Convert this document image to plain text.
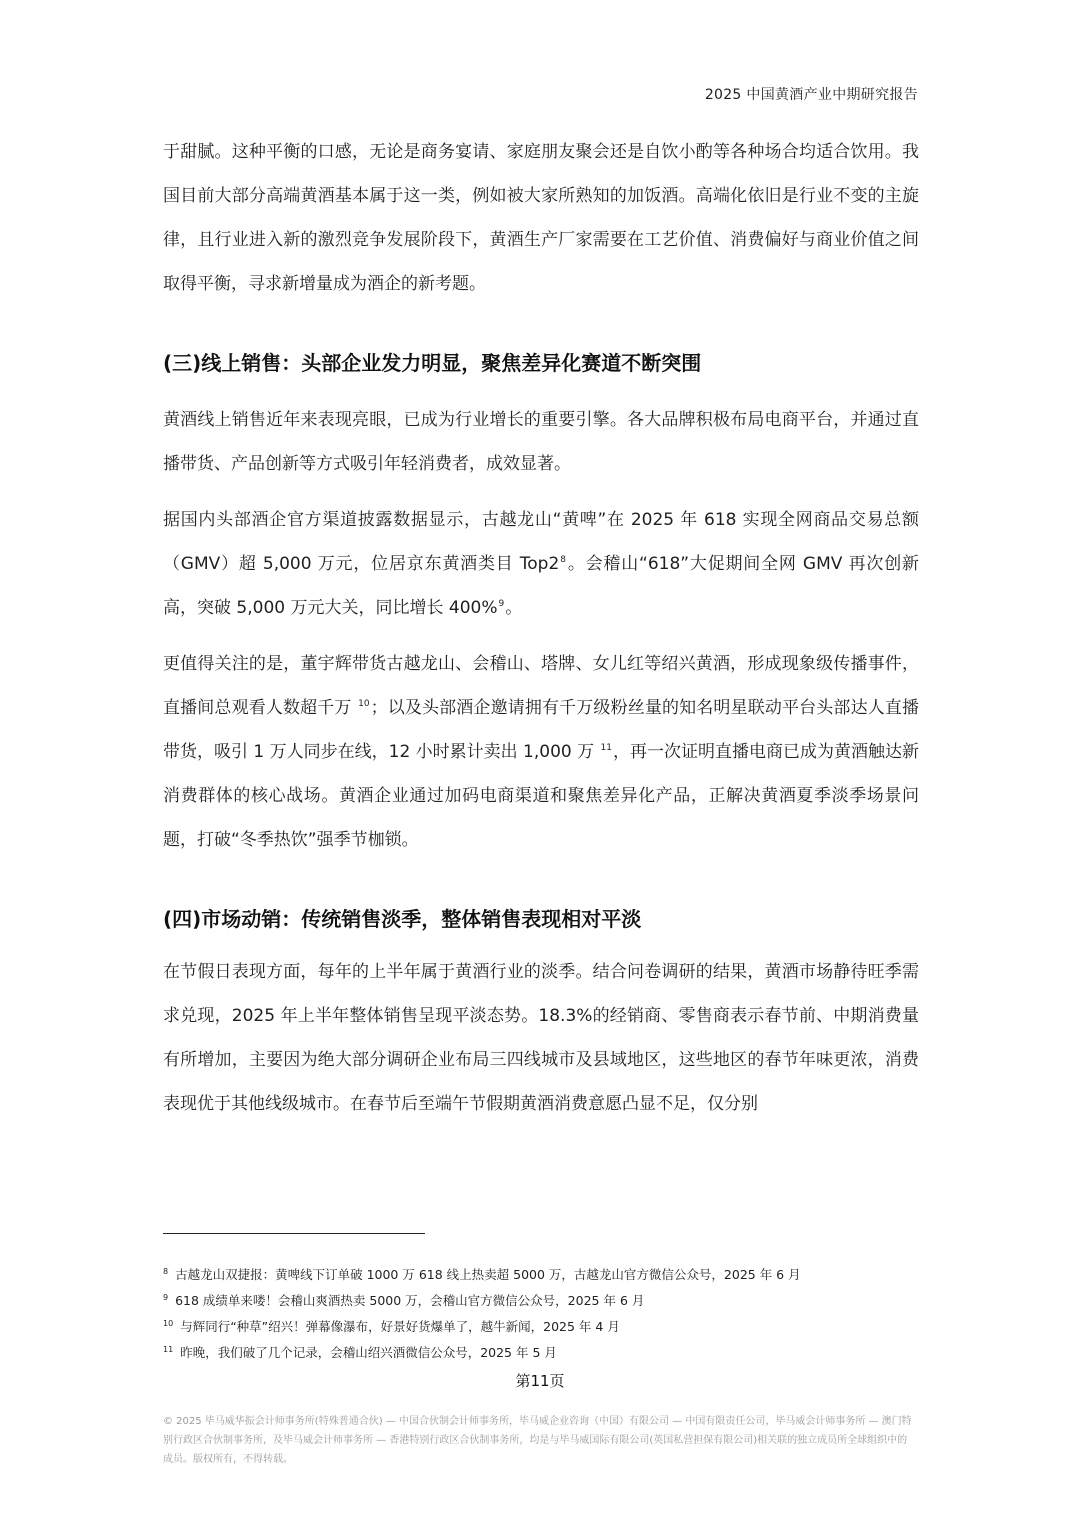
2025 中国黄酒产业中期研究报告

于甜腻。这种平衡的口感，无论是商务宴请、家庭朋友聚会还是自饮小酌等各种场合均适合饮用。我国目前大部分高端黄酒基本属于这一类，例如被大家所熟知的加饭酒。高端化依旧是行业不变的主旋律，且行业进入新的激烈竞争发展阶段下，黄酒生产厂家需要在工艺价值、消费偏好与商业价值之间取得平衡，寻求新增量成为酒企的新考题。

(三)线上销售：头部企业发力明显，聚焦差异化赛道不断突围

黄酒线上销售近年来表现亮眼，已成为行业增长的重要引擎。各大品牌积极布局电商平台，并通过直播带货、产品创新等方式吸引年轻消费者，成效显著。

据国内头部酒企官方渠道披露数据显示，古越龙山“黄啤”在 2025 年 618 实现全网商品交易总额（GMV）超 5,000 万元，位居京东黄酒类目 $Top2^8$。会稽山“618”大促期间全网 GMV 再次创新高，突破 5,000 万元大关，同比增长 400%$^9$。

更值得关注的是，董宇辉带货古越龙山、会稽山、塔牌、女儿红等绍兴黄酒，形成现象级传播事件，直播间总观看人数超千万 $^{10}$；以及头部酒企邀请拥有千万级粉丝量的知名明星联动平台头部达人直播带货，吸引 1 万人同步在线，12 小时累计卖出 1,000 万 $^{11}$，再一次证明直播电商已成为黄酒触达新消费群体的核心战场。黄酒企业通过加码电商渠道和聚焦差异化产品，正解决黄酒夏季淡季场景问题，打破“冬季热饮”强季节枷锁。

(四)市场动销：传统销售淡季，整体销售表现相对平淡

在节假日表现方面，每年的上半年属于黄酒行业的淡季。结合问卷调研的结果，黄酒市场静待旺季需求兑现，2025 年上半年整体销售呈现平淡态势。18.3%的经销商、零售商表示春节前、中期消费量有所增加，主要因为绝大部分调研企业布局三四线城市及县域地区，这些地区的春节年味更浓，消费表现优于其他线级城市。在春节后至端午节假期黄酒消费意愿凸显不足，仅分别

$^8$ 古越龙山双捷报：黄啤线下订单破 1000 万 618 线上热卖超 5000 万，古越龙山官方微信公众号，2025 年 6 月
$^9$ 618 成绩单来喽！会稽山爽酒热卖 5000 万，会稽山官方微信公众号，2025 年 6 月
$^{10}$ 与辉同行“种草”绍兴！弹幕像瀑布，好景好货爆单了，越牛新闻，2025 年 4 月
$^{11}$ 昨晚，我们破了几个记录，会稽山绍兴酒微信公众号，2025 年 5 月
第11页
© 2025 毕马威华振会计师事务所(特殊普通合伙) — 中国合伙制会计师事务所，毕马威企业咨询（中国）有限公司 — 中国有限责任公司，毕马威会计师事务所 — 澳门特别行政区合伙制事务所，及毕马威会计师事务所 — 香港特别行政区合伙制事务所，均是与毕马威国际有限公司(英国私营担保有限公司)相关联的独立成员所全球组织中的成员。版权所有，不得转载。
